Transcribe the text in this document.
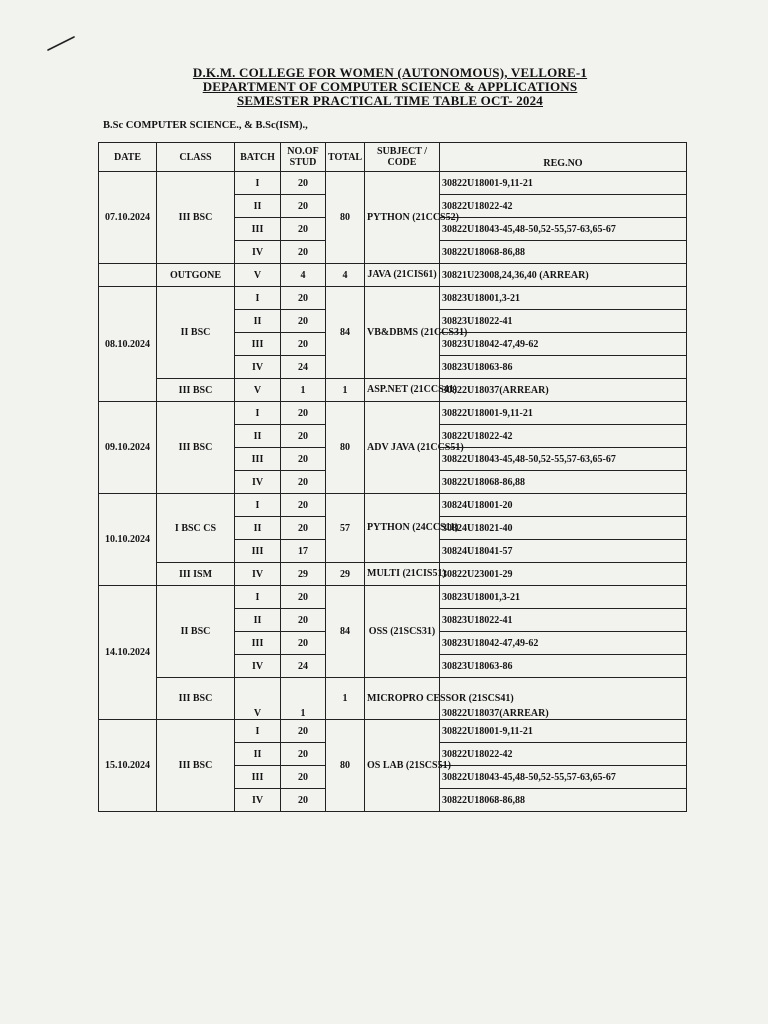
D.K.M. COLLEGE FOR WOMEN (AUTONOMOUS), VELLORE-1
DEPARTMENT OF COMPUTER SCIENCE & APPLICATIONS
SEMESTER PRACTICAL TIME TABLE OCT- 2024
B.Sc COMPUTER SCIENCE., & B.Sc(ISM).,
DATE	CLASS	BATCH	NO.OF STUD	TOTAL	SUBJECT / CODE	REG.NO
07.10.2024	III BSC	I	20	80	PYTHON (21CCS52)	30822U18001-9,11-21
		II	20			30822U18022-42
		III	20			30822U18043-45,48-50,52-55,57-63,65-67
		IV	20			30822U18068-86,88
	OUTGONE	V	4	4	JAVA (21CIS61)	30821U23008,24,36,40 (ARREAR)
08.10.2024	II BSC	I	20	84	VB&DBMS (21CCS31)	30823U18001,3-21
		II	20			30823U18022-41
		III	20			30823U18042-47,49-62
		IV	24			30823U18063-86
	III BSC	V	1	1	ASP.NET (21CCS41)	30822U18037(ARREAR)
09.10.2024	III BSC	I	20	80	ADV JAVA (21CCS51)	30822U18001-9,11-21
		II	20			30822U18022-42
		III	20			30822U18043-45,48-50,52-55,57-63,65-67
		IV	20			30822U18068-86,88
10.10.2024	I BSC CS	I	20	57	PYTHON (24CCS11)	30824U18001-20
		II	20			30824U18021-40
		III	17			30824U18041-57
	III ISM	IV	29	29	MULTI (21CIS51)	30822U23001-29
14.10.2024	II BSC	I	20	84	OSS (21SCS31)	30823U18001,3-21
		II	20			30823U18022-41
		III	20			30823U18042-47,49-62
		IV	24			30823U18063-86
	III BSC	V	1	1	MICROPRO CESSOR (21SCS41)	30822U18037(ARREAR)
15.10.2024	III BSC	I	20	80	OS LAB (21SCS51)	30822U18001-9,11-21
		II	20			30822U18022-42
		III	20			30822U18043-45,48-50,52-55,57-63,65-67
		IV	20			30822U18068-86,88
